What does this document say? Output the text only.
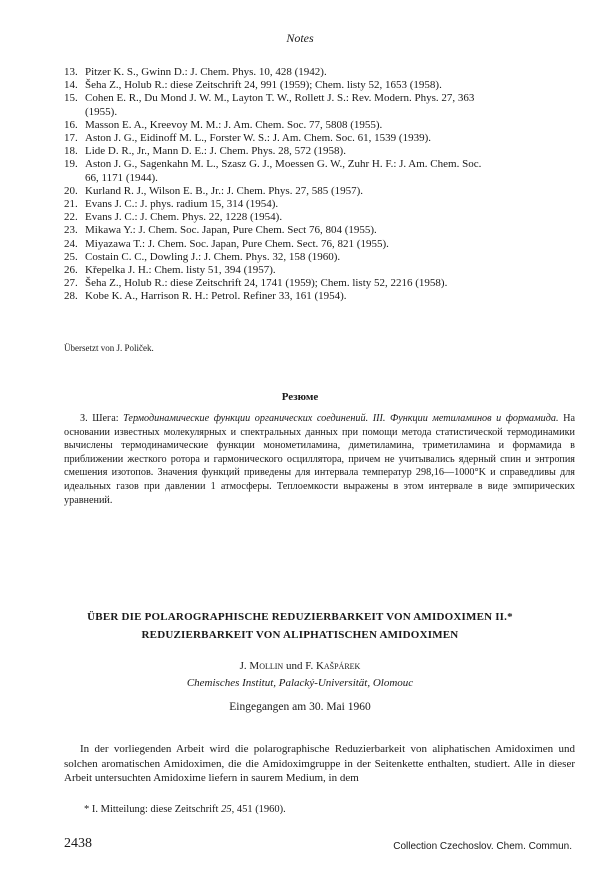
Notes
13. Pitzer K. S., Gwinn D.: J. Chem. Phys. 10, 428 (1942).
14. Šeha Z., Holub R.: diese Zeitschrift 24, 991 (1959); Chem. listy 52, 1653 (1958).
15. Cohen E. R., Du Mond J. W. M., Layton T. W., Rollett J. S.: Rev. Modern. Phys. 27, 363
(1955).
16. Masson E. A., Kreevoy M. M.: J. Am. Chem. Soc. 77, 5808 (1955).
17. Aston J. G., Eidinoff M. L., Forster W. S.: J. Am. Chem. Soc. 61, 1539 (1939).
18. Lide D. R., Jr., Mann D. E.: J. Chem. Phys. 28, 572 (1958).
19. Aston J. G., Sagenkahn M. L., Szasz G. J., Moessen G. W., Zuhr H. F.: J. Am. Chem. Soc.
66, 1171 (1944).
20. Kurland R. J., Wilson E. B., Jr.: J. Chem. Phys. 27, 585 (1957).
21. Evans J. C.: J. phys. radium 15, 314 (1954).
22. Evans J. C.: J. Chem. Phys. 22, 1228 (1954).
23. Mikawa Y.: J. Chem. Soc. Japan, Pure Chem. Sect 76, 804 (1955).
24. Miyazawa T.: J. Chem. Soc. Japan, Pure Chem. Sect. 76, 821 (1955).
25. Costain C. C., Dowling J.: J. Chem. Phys. 32, 158 (1960).
26. Křepelka J. H.: Chem. listy 51, 394 (1957).
27. Šeha Z., Holub R.: diese Zeitschrift 24, 1741 (1959); Chem. listy 52, 2216 (1958).
28. Kobe K. A., Harrison R. H.: Petrol. Refiner 33, 161 (1954).
Übersetzt von J. Poliček.
Резюме
З. Шега: Термодинамические функции органических соединений. III. Функции метиламинов и формамида. На основании известных молекулярных и спектральных данных при помощи метода статистической термодинамики вычислены термодинамические функции монометиламина, диметиламина, триметиламина и формамида в приближении жесткого ротора и гармонического осциллятора, причем не учитывались ядерный спин и энтропия смешения изотопов. Значения функций приведены для интервала температур 298,16—1000°K и справедливы для идеальных газов при давлении 1 атмосферы. Теплоемкости выражены в этом интервале в виде эмпирических уравнений.
ÜBER DIE POLAROGRAPHISCHE REDUZIERBARKEIT VON AMIDOXIMEN II.*
REDUZIERBARKEIT VON ALIPHATISCHEN AMIDOXIMEN
J. Mollin und F. Kašpárek
Chemisches Institut, Palacký-Universität, Olomouc
Eingegangen am 30. Mai 1960
In der vorliegenden Arbeit wird die polarographische Reduzierbarkeit von aliphatischen Amidoximen und solchen aromatischen Amidoximen, die die Amidoximgruppe in der Seitenkette enthalten, studiert. Alle in dieser Arbeit untersuchten Amidoxime liefern in saurem Medium, in dem
* I. Mitteilung: diese Zeitschrift 25, 451 (1960).
2438	Collection Czechoslov. Chem. Commun.
